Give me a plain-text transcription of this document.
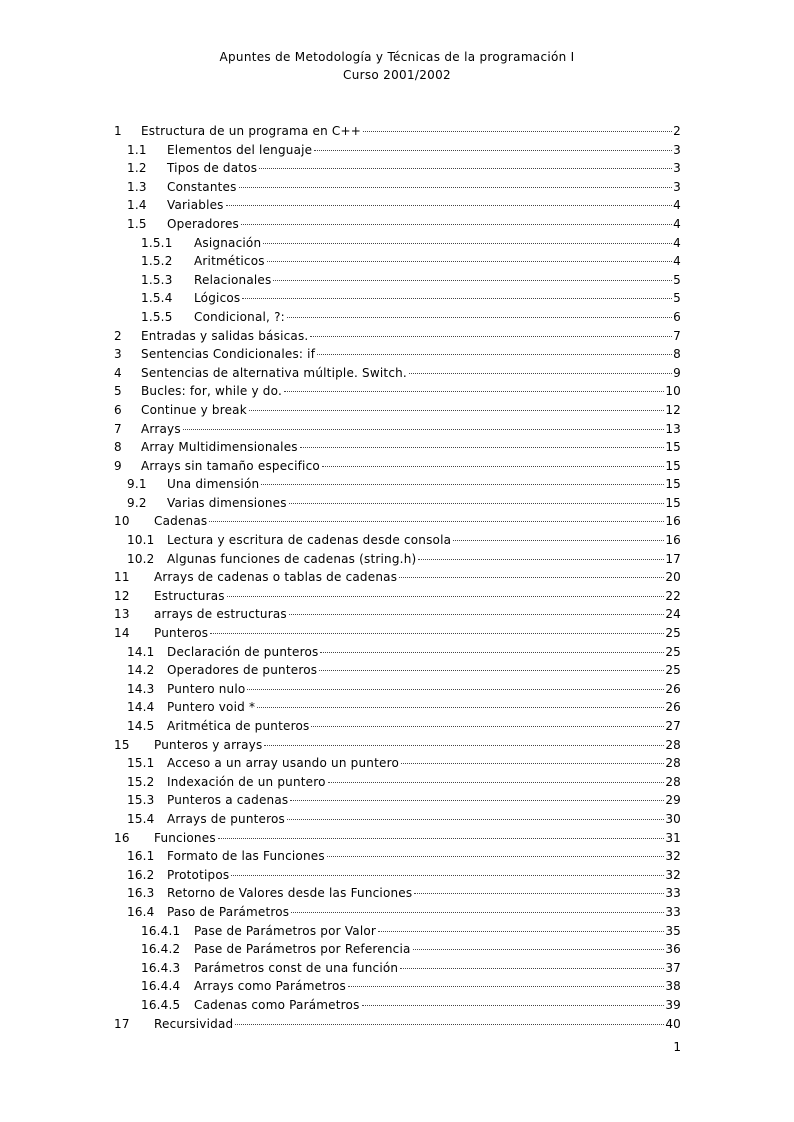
Apuntes de Metodología y Técnicas de la programación I
Curso 2001/2002
1 Estructura de un programa en C++	2
1.1 Elementos del lenguaje	3
1.2 Tipos de datos	3
1.3 Constantes	3
1.4 Variables	4
1.5 Operadores	4
1.5.1 Asignación	4
1.5.2 Aritméticos	4
1.5.3 Relacionales	5
1.5.4 Lógicos	5
1.5.5 Condicional, ?:	6
2 Entradas y salidas básicas.	7
3 Sentencias Condicionales: if	8
4 Sentencias de alternativa múltiple. Switch.	9
5 Bucles: for, while y do.	10
6 Continue y break	12
7 Arrays	13
8 Array Multidimensionales	15
9 Arrays sin tamaño especifico	15
9.1 Una dimensión	15
9.2 Varias dimensiones	15
10 Cadenas	16
10.1 Lectura y escritura de cadenas desde consola	16
10.2 Algunas funciones de cadenas (string.h)	17
11 Arrays de cadenas o tablas de cadenas	20
12 Estructuras	22
13 arrays de estructuras	24
14 Punteros	25
14.1 Declaración de punteros	25
14.2 Operadores de punteros	25
14.3 Puntero nulo	26
14.4 Puntero void *	26
14.5 Aritmética de punteros	27
15 Punteros y arrays	28
15.1 Acceso a un array usando un puntero	28
15.2 Indexación de un puntero	28
15.3 Punteros a cadenas	29
15.4 Arrays de punteros	30
16 Funciones	31
16.1 Formato de las Funciones	32
16.2 Prototipos	32
16.3 Retorno de Valores desde las Funciones	33
16.4 Paso de Parámetros	33
16.4.1 Pase de Parámetros por Valor	35
16.4.2 Pase de Parámetros por Referencia	36
16.4.3 Parámetros const de una función	37
16.4.4 Arrays como Parámetros	38
16.4.5 Cadenas como Parámetros	39
17 Recursividad	40
1
